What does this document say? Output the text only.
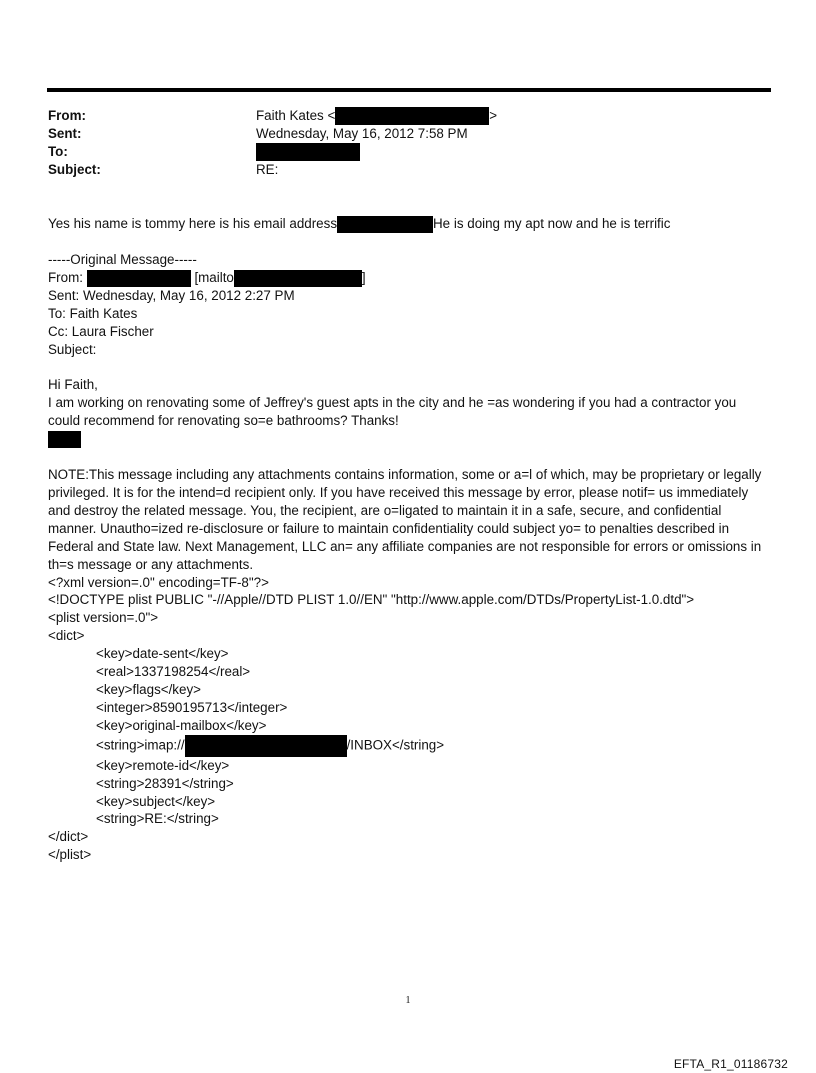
From:	Faith Kates <	>
Sent:	Wednesday, May 16, 2012 7:58 PM
To:
Subject:	RE:

Yes his name is tommy here is his email address	He is doing my apt now and he is terrific

-----Original Message-----

From:	[mailto	]

Sent: Wednesday, May 16, 2012 2:27 PM

To: Faith Kates

Cc: Laura Fischer

Subject:

Hi Faith,

I am working on renovating some of Jeffrey's guest apts in the city and he =as wondering if you had a contractor you

could recommend for renovating so=e bathrooms? Thanks!

NOTE:This message including any attachments contains information, some or a=l of which, may be proprietary or legally

privileged. It is for the intend=d recipient only. If you have received this message by error, please notif= us immediately

and destroy the related message. You, the recipient, are o=ligated to maintain it in a safe, secure, and confidential

manner. Unautho=ized re-disclosure or failure to maintain confidentiality could subject yo= to penalties described in

Federal and State law. Next Management, LLC an= any affiliate companies are not responsible for errors or omissions in

th=s message or any attachments.

<?xml version=.0" encoding=TF-8"?>

<!DOCTYPE plist PUBLIC "-//Apple//DTD PLIST 1.0//EN" "http://www.apple.com/DTDs/PropertyList-1.0.dtd">

<plist version=.0">

<dict>

<key>date-sent</key>

<real>1337198254</real>

<key>flags</key>

<integer>8590195713</integer>

<key>original-mailbox</key>

<string>imap://	/INBOX</string>

<key>remote-id</key>

<string>28391</string>

<key>subject</key>

<string>RE:</string>

</dict>

</plist>

1
EFTA_R1_01186732
